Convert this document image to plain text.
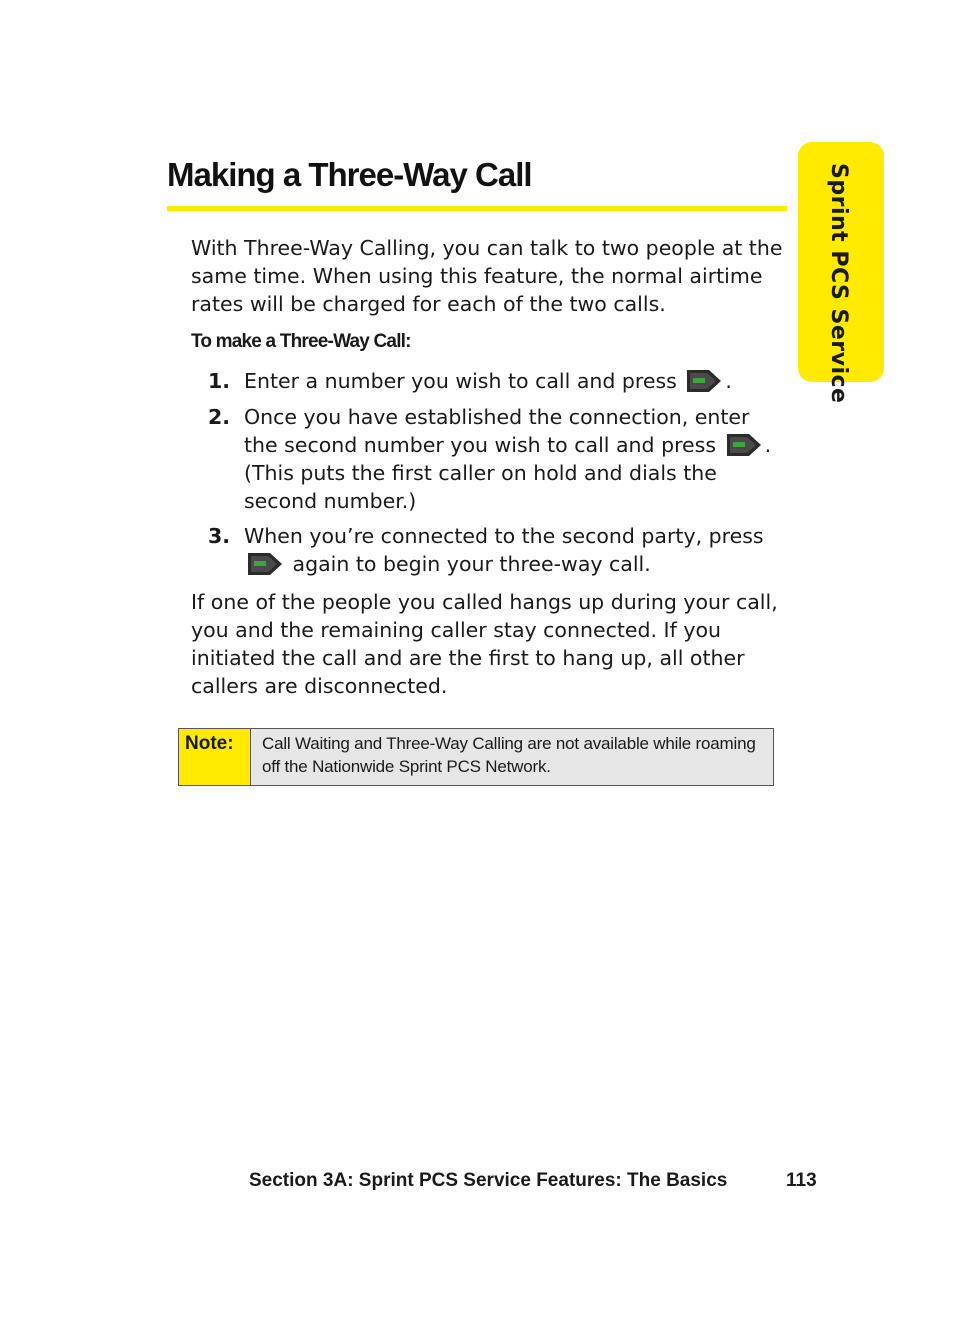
Sprint PCS Service
Making a Three-Way Call

With Three-Way Calling, you can talk to two people at the same time. When using this feature, the normal airtime rates will be charged for each of the two calls.

To make a Three-Way Call:
1. Enter a number you wish to call and press .
2. Once you have established the connection, enter the second number you wish to call and press . (This puts the first caller on hold and dials the second number.)
3. When you’re connected to the second party, press  again to begin your three-way call.

If one of the people you called hangs up during your call, you and the remaining caller stay connected. If you initiated the call and are the first to hang up, all other callers are disconnected.

Note:	Call Waiting and Three-Way Calling are not available while roaming off the Nationwide Sprint PCS Network.
Section 3A: Sprint PCS Service Features: The Basics	113
